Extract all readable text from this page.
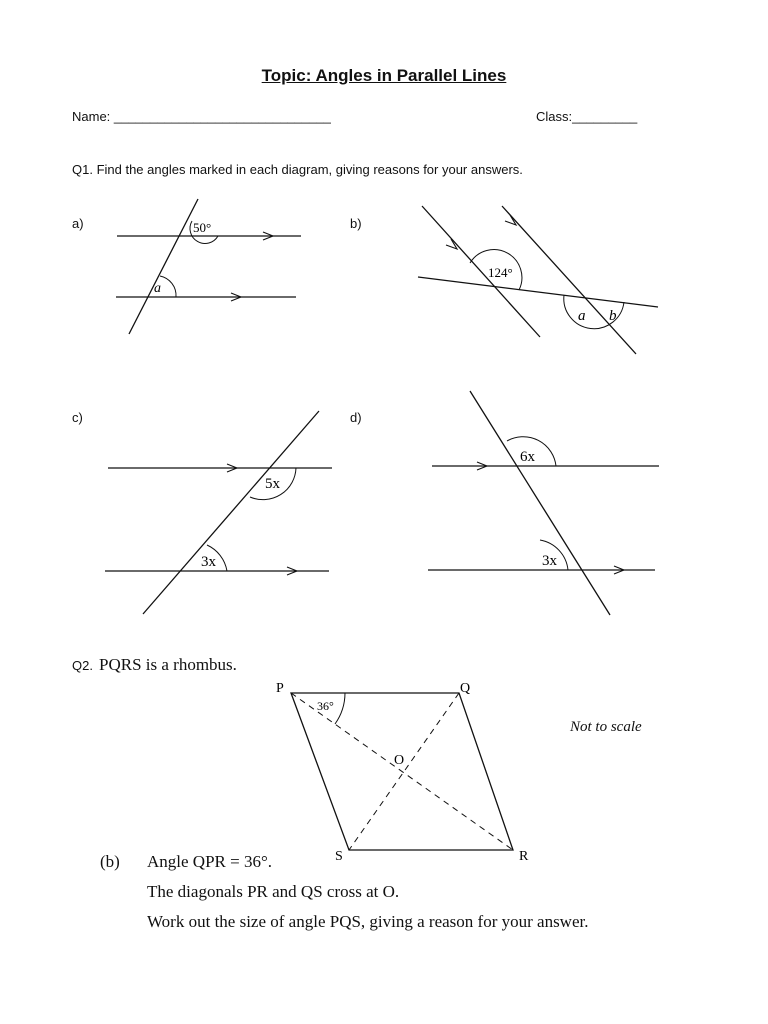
Topic: Angles in Parallel Lines
Name: ______________________________	Class:_________
Q1. Find the angles marked in each diagram, giving reasons for your answers.
a)	50°
a
b)
124°
a b
c)
5x
3x
d)
6x
3x
Q2. PQRS is a rhombus.
36°
P	Q
R
S
O
Not to scale
(b) Angle QPR = 36°.
The diagonals PR and QS cross at O.
Work out the size of angle PQS, giving a reason for your answer.
